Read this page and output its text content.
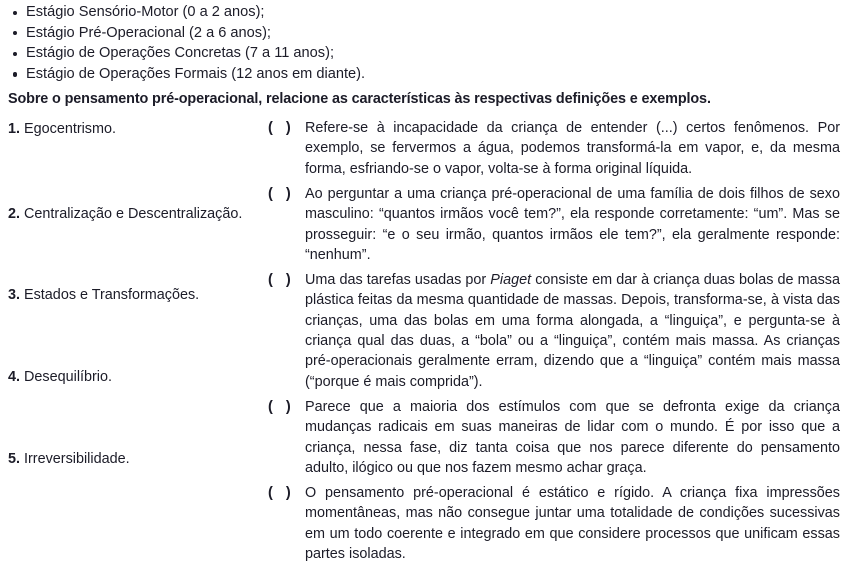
Estágio Sensório-Motor (0 a 2 anos);
Estágio Pré-Operacional (2 a 6 anos);
Estágio de Operações Concretas (7 a 11 anos);
Estágio de Operações Formais (12 anos em diante).
Sobre o pensamento pré-operacional, relacione as características às respectivas definições e exemplos.
1. Egocentrismo.
2. Centralização e Descentralização.
3. Estados e Transformações.
4. Desequilíbrio.
5. Irreversibilidade.
( ) Refere-se à incapacidade da criança de entender (...) certos fenômenos. Por exemplo, se fervermos a água, podemos transformá-la em vapor, e, da mesma forma, esfriando-se o vapor, volta-se à forma original líquida.
( ) Ao perguntar a uma criança pré-operacional de uma família de dois filhos de sexo masculino: “quantos irmãos você tem?”, ela responde corretamente: “um”. Mas se prosseguir: “e o seu irmão, quantos irmãos ele tem?”, ela geralmente responde: “nenhum”.
( ) Uma das tarefas usadas por Piaget consiste em dar à criança duas bolas de massa plástica feitas da mesma quantidade de massas. Depois, transforma-se, à vista das crianças, uma das bolas em uma forma alongada, a “linguiça”, e pergunta-se à criança qual das duas, a “bola” ou a “linguiça”, contém mais massa. As crianças pré-operacionais geralmente erram, dizendo que a “linguiça” contém mais massa (“porque é mais comprida”).
( ) Parece que a maioria dos estímulos com que se defronta exige da criança mudanças radicais em suas maneiras de lidar com o mundo. É por isso que a criança, nessa fase, diz tanta coisa que nos parece diferente do pensamento adulto, ilógico ou que nos fazem mesmo achar graça.
( ) O pensamento pré-operacional é estático e rígido. A criança fixa impressões momentâneas, mas não consegue juntar uma totalidade de condições sucessivas em um todo coerente e integrado em que considere processos que unificam essas partes isoladas.
